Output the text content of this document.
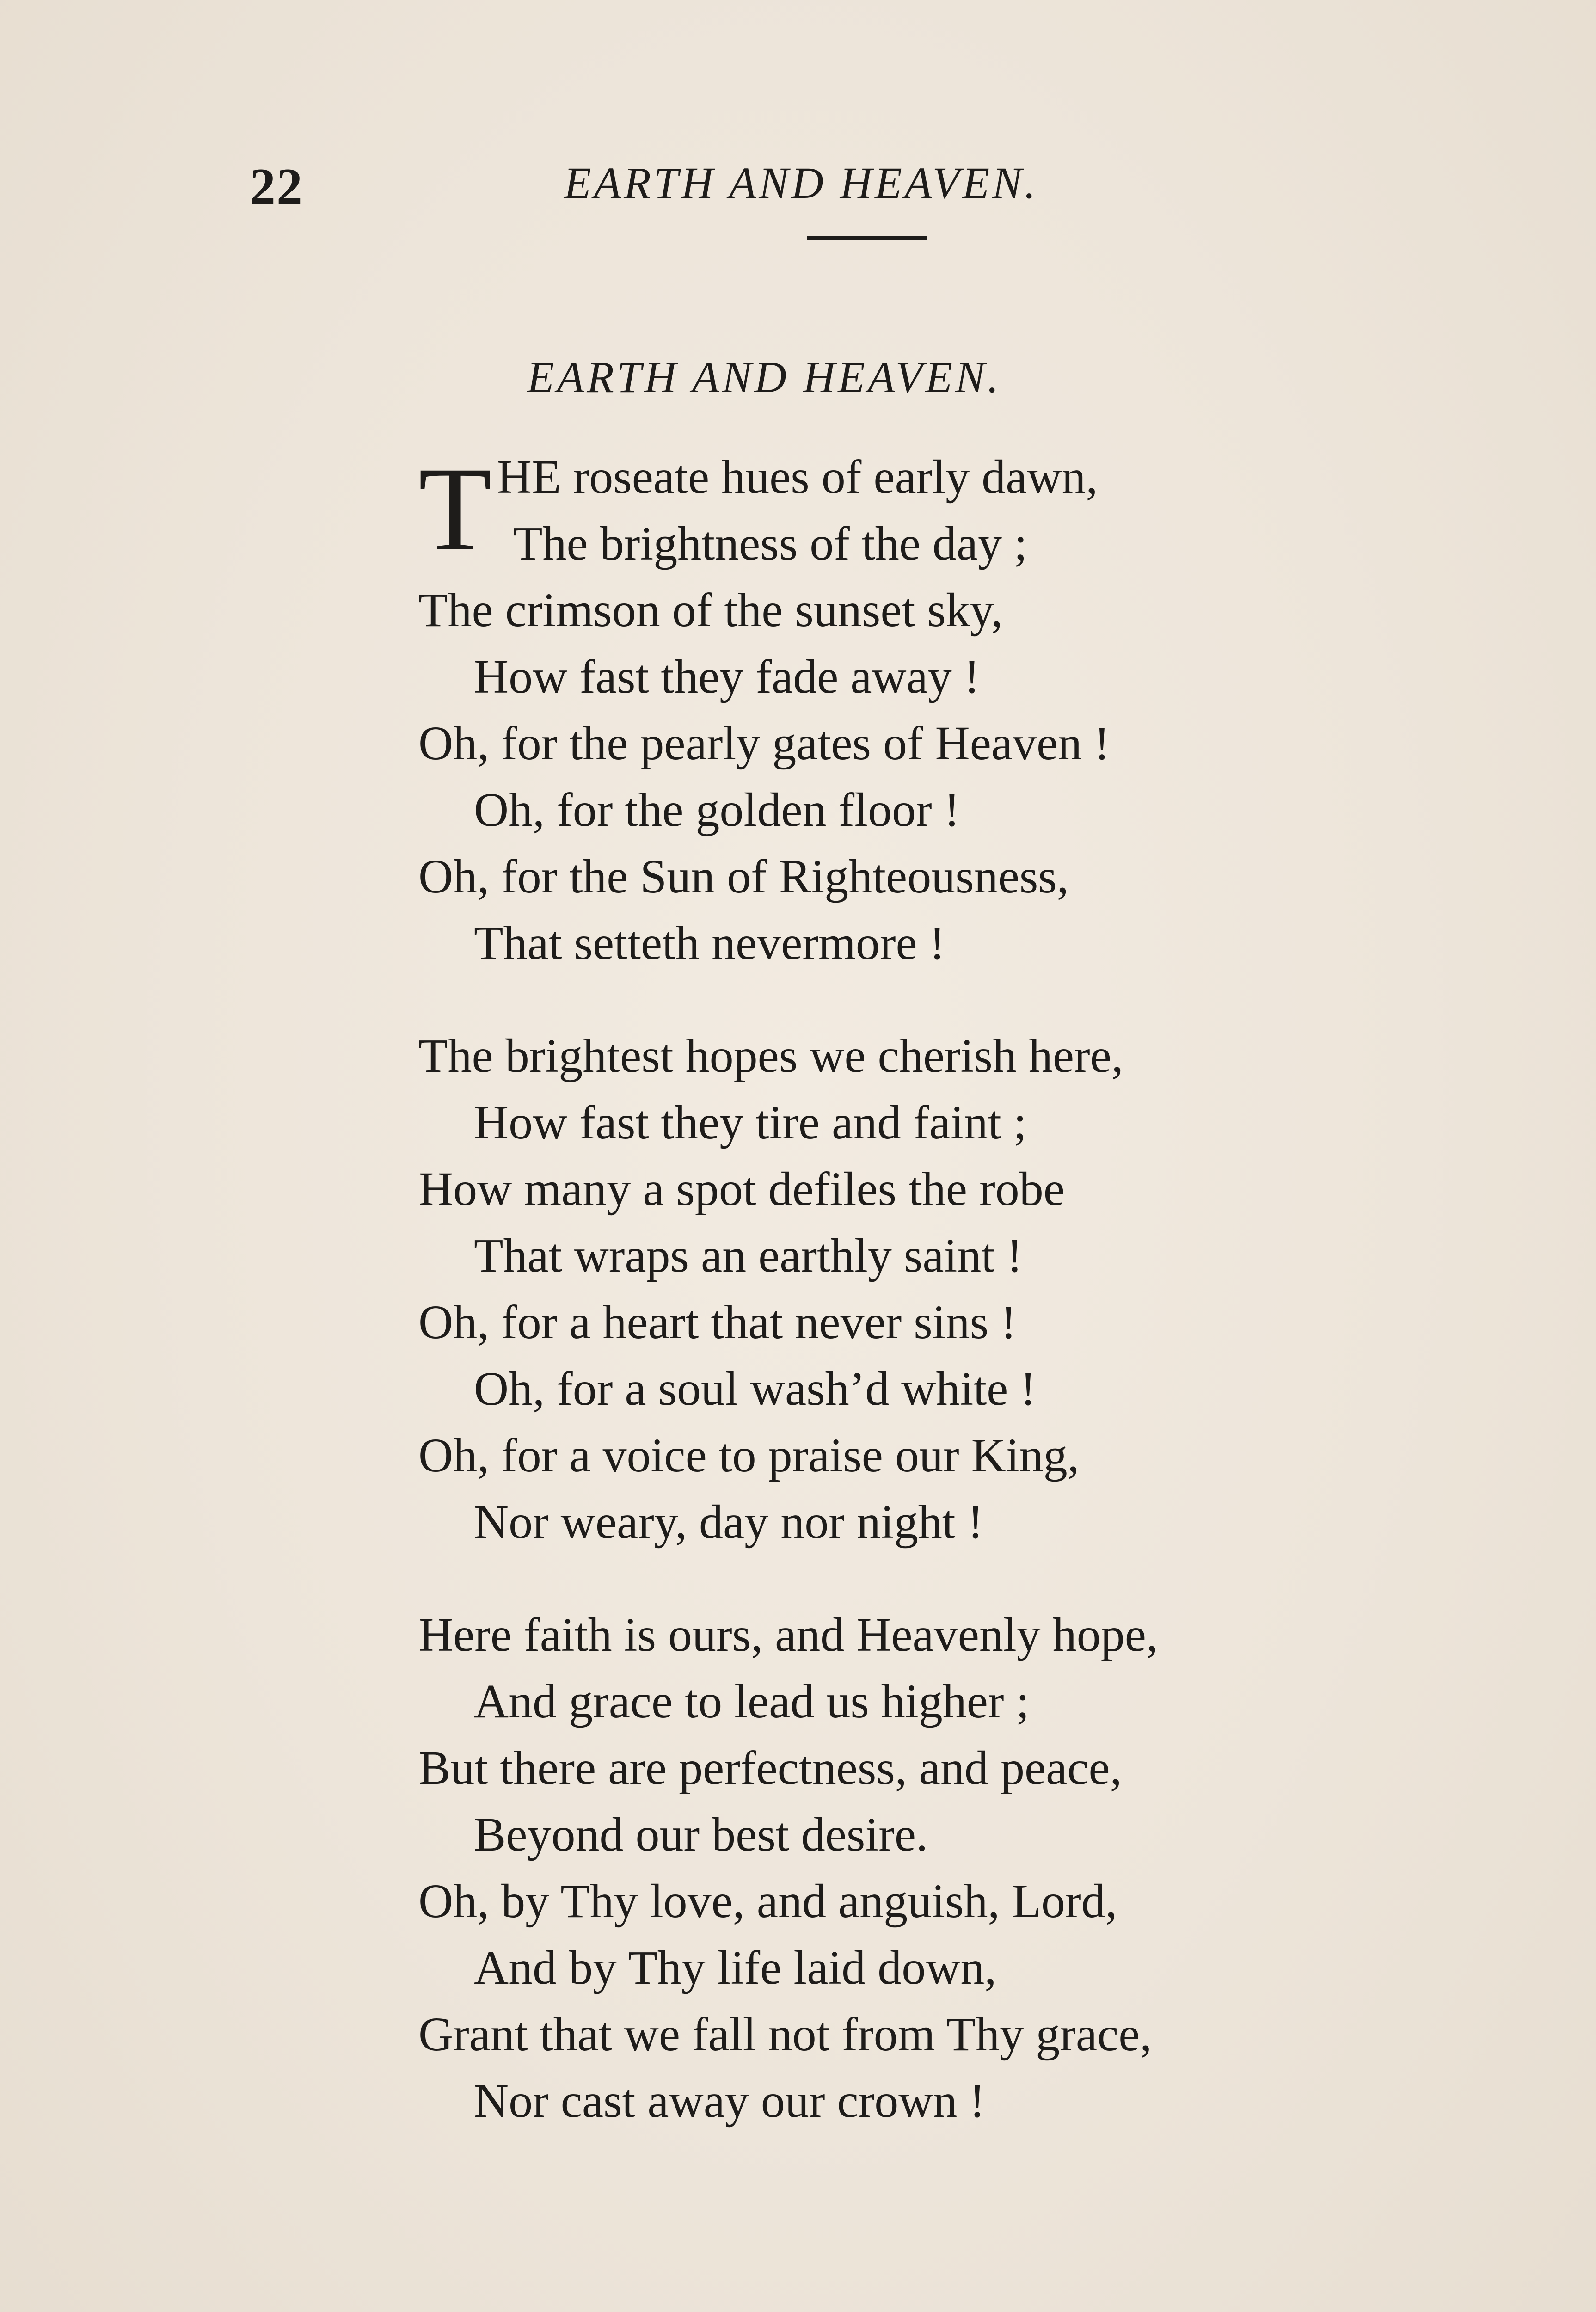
22	EARTH AND HEAVEN.
EARTH AND HEAVEN.
T HE roseate hues of early dawn,
The brightness of the day ;
The crimson of the sunset sky,
How fast they fade away !
Oh, for the pearly gates of Heaven !
Oh, for the golden floor !
Oh, for the Sun of Righteousness,
That setteth nevermore !
The brightest hopes we cherish here,
How fast they tire and faint ;
How many a spot defiles the robe
That wraps an earthly saint !
Oh, for a heart that never sins !
Oh, for a soul wash’d white !
Oh, for a voice to praise our King,
Nor weary, day nor night !
Here faith is ours, and Heavenly hope,
And grace to lead us higher ;
But there are perfectness, and peace,
Beyond our best desire.
Oh, by Thy love, and anguish, Lord,
And by Thy life laid down,
Grant that we fall not from Thy grace,
Nor cast away our crown !
